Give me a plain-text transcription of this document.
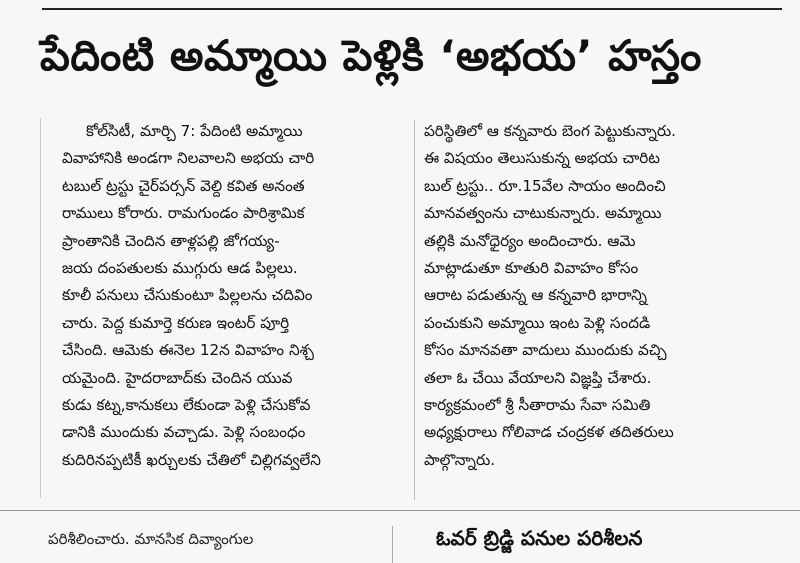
పేదింటి అమ్మాయి పెళ్లికి ‘అభయ’ హస్తం
కోల్‌సిటీ, మార్చి 7: పేదింటి అమ్మాయి
వివాహానికి అండగా నిలవాలని అభయ చారి
టబుల్ ట్రస్టు చైర్‌పర్సన్ వెల్ది కవిత అనంత
రాములు కోరారు. రామగుండం పారిశ్రామిక
ప్రాంతానికి చెందిన తాళ్లపల్లి జోగయ్య-
జయ దంపతులకు ముగ్గురు ఆడ పిల్లలు.
కూలీ పనులు చేసుకుంటూ పిల్లలను చదివిం
చారు. పెద్ద కుమార్తె కరుణ ఇంటర్ పూర్తి
చేసింది. ఆమెకు ఈనెల 12న వివాహం నిశ్చ
యమైంది. హైదరాబాద్‌కు చెందిన యువ
కుడు కట్న,కానుకలు లేకుండా పెళ్లి చేసుకోవ
డానికి ముందుకు వచ్చాడు. పెళ్లి సంబంధం
కుదిరినప్పటికీ ఖర్చులకు చేతిలో చిల్లిగవ్వలేని
పరిస్థితిలో ఆ కన్నవారు బెంగ పెట్టుకున్నారు.
ఈ విషయం తెలుసుకున్న అభయ చారిట
బుల్ ట్రస్టు.. రూ.15వేల సాయం అందించి
మానవత్వంను చాటుకున్నారు. అమ్మాయి
తల్లికి మనోధైర్యం అందించారు. ఆమె
మాట్లాడుతూ కూతురి వివాహం కోసం
ఆరాట పడుతున్న ఆ కన్నవారి భారాన్ని
పంచుకుని అమ్మాయి ఇంట పెళ్లి సందడి
కోసం మానవతా వాదులు ముందుకు వచ్చి
తలా ఓ చేయి వేయాలని విజ్ఞప్తి చేశారు.
కార్యక్రమంలో శ్రీ సీతారామ సేవా సమితి
అధ్యక్షురాలు గోలివాడ చంద్రకళ తదితరులు
పాల్గొన్నారు.
పరిశీలించారు. మానసిక దివ్యాంగుల	ఓవర్ బ్రిడ్జి పనుల పరిశీలన
